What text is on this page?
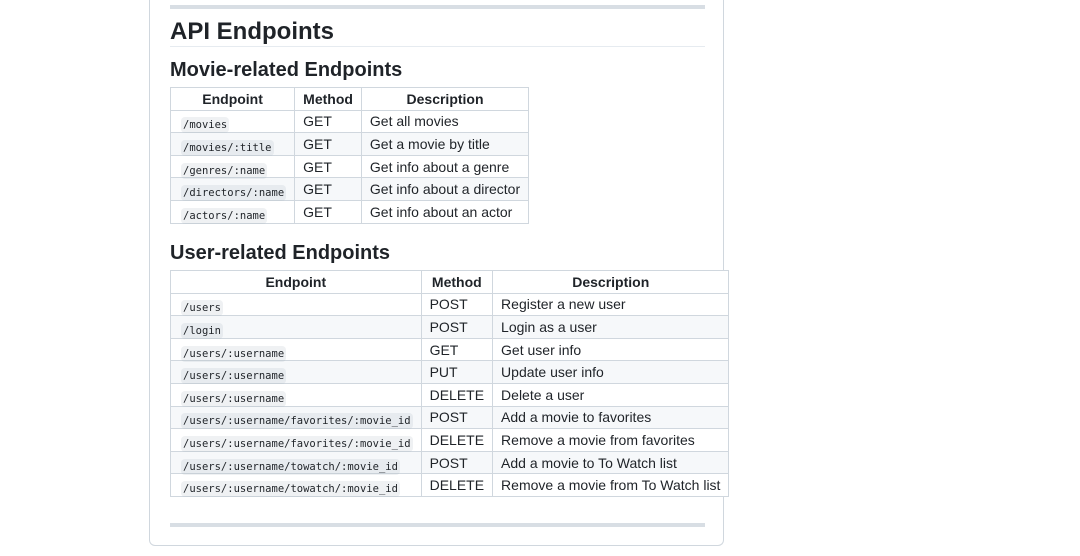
API Endpoints
Movie-related Endpoints
Endpoint	Method	Description
/movies	GET	Get all movies
/movies/:title	GET	Get a movie by title
/genres/:name	GET	Get info about a genre
/directors/:name	GET	Get info about a director
/actors/:name	GET	Get info about an actor
User-related Endpoints
Endpoint	Method	Description
/users	POST	Register a new user
/login	POST	Login as a user
/users/:username	GET	Get user info
/users/:username	PUT	Update user info
/users/:username	DELETE	Delete a user
/users/:username/favorites/:movie_id	POST	Add a movie to favorites
/users/:username/favorites/:movie_id	DELETE	Remove a movie from favorites
/users/:username/towatch/:movie_id	POST	Add a movie to To Watch list
/users/:username/towatch/:movie_id	DELETE	Remove a movie from To Watch list
